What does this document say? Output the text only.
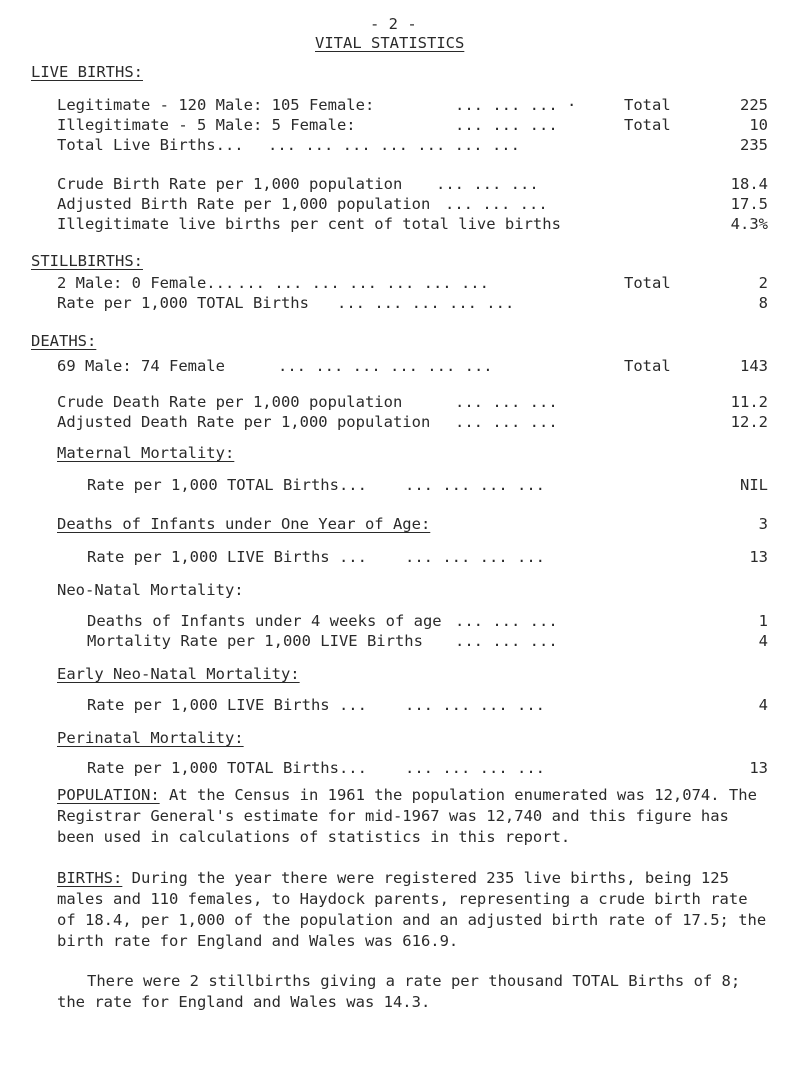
- 2 -
VITAL STATISTICS
LIVE BIRTHS:
Legitimate - 120 Male: 105 Female:	... ... ... ·	Total	225
Illegitimate - 5 Male: 5 Female:	... ... ...	Total	10
Total Live Births... ... ... ... ... ... ... ...	235
Crude Birth Rate per 1,000 population ... ... ...	18.4
Adjusted Birth Rate per 1,000 population ... ... ...	17.5
Illegitimate live births per cent of total live births	4.3%
STILLBIRTHS:
2 Male: 0 Female... ... ... ... ... ... ... ...	Total	2
Rate per 1,000 TOTAL Births ... ... ... ... ...	8
DEATHS:
69 Male: 74 Female	... ... ... ... ... ...	Total	143
Crude Death Rate per 1,000 population	... ... ...	11.2
Adjusted Death Rate per 1,000 population ... ... ...	12.2
Maternal Mortality:
Rate per 1,000 TOTAL Births... ... ... ... ...	NIL
Deaths of Infants under One Year of Age:	3
Rate per 1,000 LIVE Births ... ... ... ... ...	13
Neo-Natal Mortality:
Deaths of Infants under 4 weeks of age ... ... ...	1
Mortality Rate per 1,000 LIVE Births ... ... ...	4
Early Neo-Natal Mortality:
Rate per 1,000 LIVE Births ... ... ... ... ...	4
Perinatal Mortality:
Rate per 1,000 TOTAL Births... ... ... ... ...	13
POPULATION: At the Census in 1961 the population enumerated was 12,074. The Registrar General's estimate for mid-1967 was 12,740 and this figure has been used in calculations of statistics in this report.
BIRTHS: During the year there were registered 235 live births, being 125 males and 110 females, to Haydock parents, representing a crude birth rate of 18.4, per 1,000 of the population and an adjusted birth rate of 17.5; the birth rate for England and Wales was 616.9.
There were 2 stillbirths giving a rate per thousand TOTAL Births of 8; the rate for England and Wales was 14.3.
